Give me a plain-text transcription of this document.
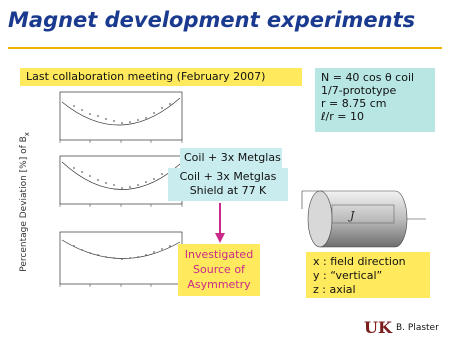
Magnet development experiments
Last collaboration meeting (February 2007)	N = 40 cos θ coil
1/7-prototype
r = 8.75 cm
ℓ/r = 10
Percentage Deviation [%] of $B_x$
Coil + 3x Metglas
Coil + 3x Metglas
Shield at 77 K
Investigated
Source of
Asymmetry
J
x : field direction
y : “vertical”
z : axial
UK B. Plaster
